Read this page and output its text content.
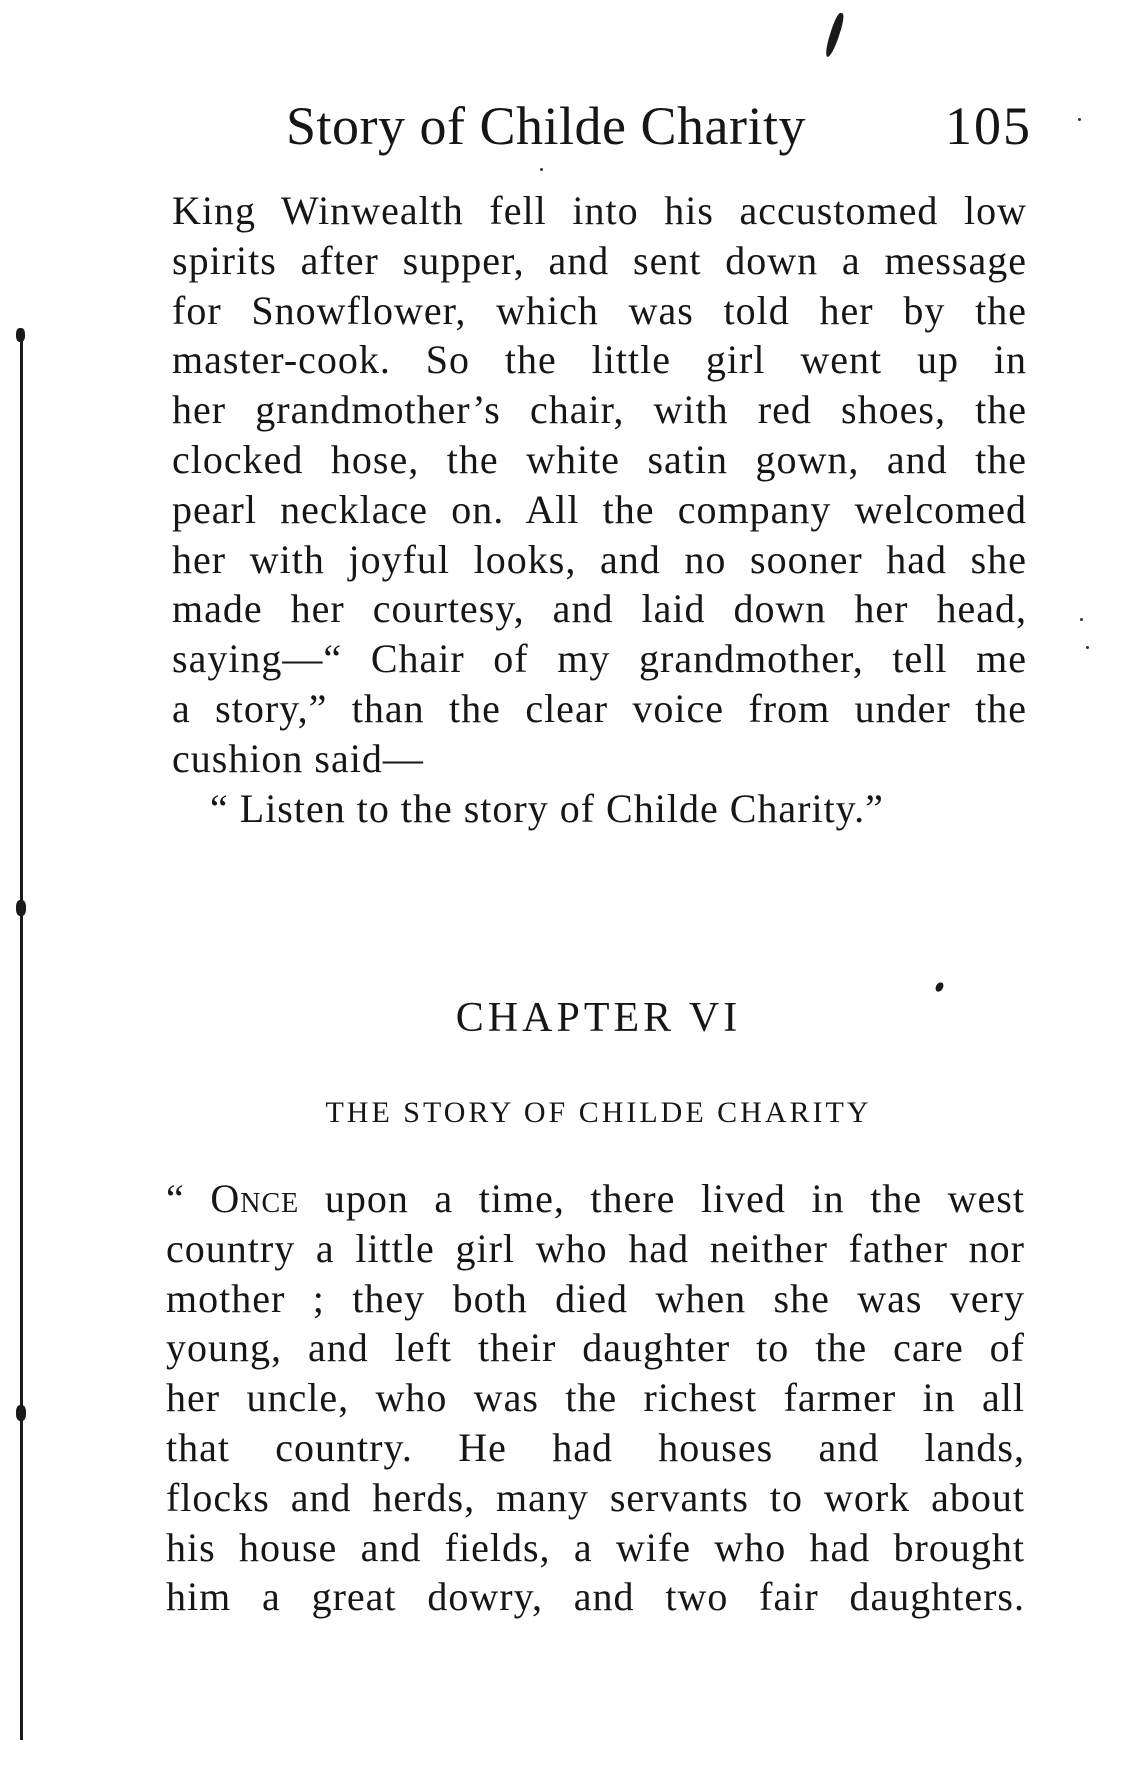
Story of Childe Charity	105
King Winwealth fell into his accustomed low
spirits after supper, and sent down a message
for Snowflower, which was told her by the
master-cook. So the little girl went up in
her grandmother’s chair, with red shoes, the
clocked hose, the white satin gown, and the
pearl necklace on. All the company welcomed
her with joyful looks, and no sooner had she
made her courtesy, and laid down her head,
saying—“ Chair of my grandmother, tell me
a story,” than the clear voice from under the
cushion said—
“ Listen to the story of Childe Charity.”
CHAPTER VI
THE STORY OF CHILDE CHARITY
“ Once upon a time, there lived in the west
country a little girl who had neither father nor
mother ; they both died when she was very
young, and left their daughter to the care of
her uncle, who was the richest farmer in all
that country. He had houses and lands,
flocks and herds, many servants to work about
his house and fields, a wife who had brought
him a great dowry, and two fair daughters.
